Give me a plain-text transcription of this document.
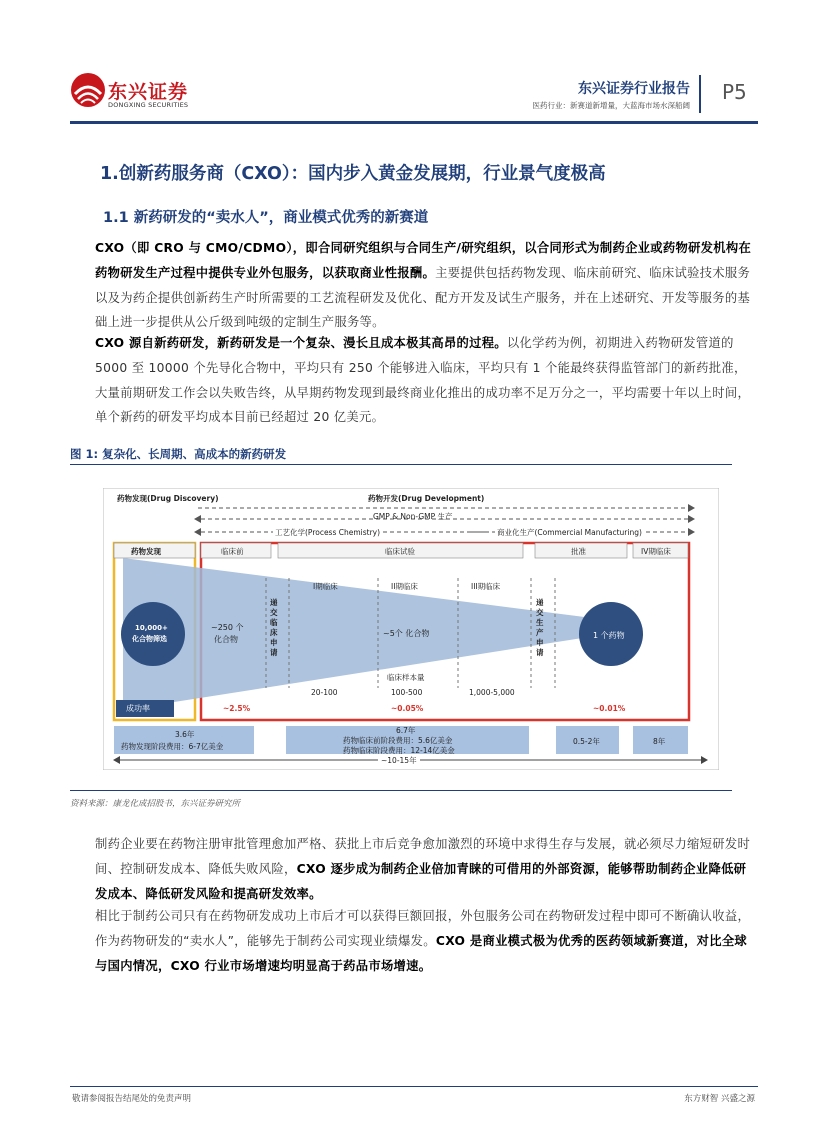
东兴证券
DONGXING SECURITIES
东兴证券行业报告
医药行业：新赛道新增量，大蓝海市场水深船阔
P5
1.创新药服务商（CXO）：国内步入黄金发展期，行业景气度极高
1.1 新药研发的“卖水人”，商业模式优秀的新赛道
CXO（即 CRO 与 CMO/CDMO），即合同研究组织与合同生产/研究组织，以合同形式为制药企业或药物研发机构在药物研发生产过程中提供专业外包服务，以获取商业性报酬。主要提供包括药物发现、临床前研究、临床试验技术服务以及为药企提供创新药生产时所需要的工艺流程研发及优化、配方开发及试生产服务，并在上述研究、开发等服务的基础上进一步提供从公斤级到吨级的定制生产服务等。
CXO 源自新药研发，新药研发是一个复杂、漫长且成本极其高昂的过程。以化学药为例，初期进入药物研发管道的 5000 至 10000 个先导化合物中，平均只有 250 个能够进入临床，平均只有 1 个能最终获得监管部门的新药批准，大量前期研发工作会以失败告终，从早期药物发现到最终商业化推出的成功率不足万分之一，平均需要十年以上时间，单个新药的研发平均成本目前已经超过 20 亿美元。
图 1: 复杂化、长周期、高成本的新药研发
药物发现(Drug Discovery)	药物开发(Drug Development)
GMP & Non-GMP 生产
工艺化学(Process Chemistry)	商业化生产(Commercial Manufacturing)
药物发现	临床前	临床试验	批准	IV期临床
10,000+
化合物筛选
成功率
~250 个
化合物
递交临床申请
I期临床	II期临床	III期临床
~5个 化合物
递交生产申请
1 个药物
临床样本量
20-100	100-500	1,000-5,000
~2.5%	~0.05%	~0.01%
3.6年
药物发现阶段费用：6-7亿美金
6.7年
药物临床前阶段费用：5.6亿美金
药物临床阶段费用：12-14亿美金
0.5-2年	8年
~10-15年
资料来源：康龙化成招股书，东兴证券研究所
制药企业要在药物注册审批管理愈加严格、获批上市后竞争愈加激烈的环境中求得生存与发展，就必须尽力缩短研发时间、控制研发成本、降低失败风险，CXO 逐步成为制药企业倍加青睐的可借用的外部资源，能够帮助制药企业降低研发成本、降低研发风险和提高研发效率。
相比于制药公司只有在药物研发成功上市后才可以获得巨额回报，外包服务公司在药物研发过程中即可不断确认收益，作为药物研发的“卖水人”，能够先于制药公司实现业绩爆发。CXO 是商业模式极为优秀的医药领域新赛道，对比全球与国内情况，CXO 行业市场增速均明显高于药品市场增速。
敬请参阅报告结尾处的免责声明	东方财智 兴盛之源
